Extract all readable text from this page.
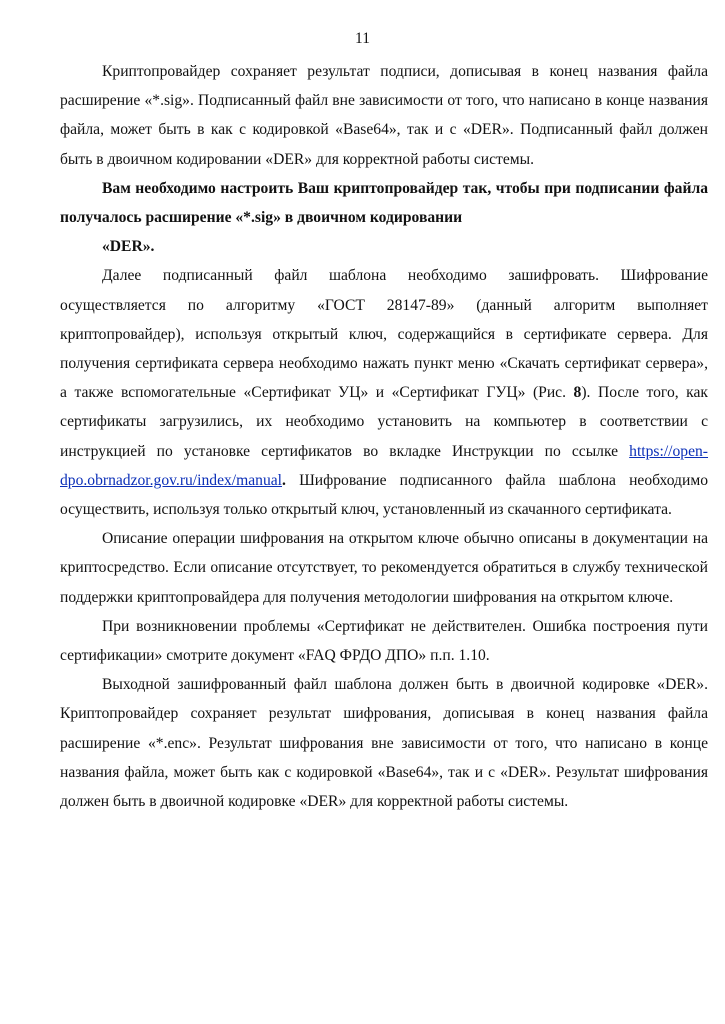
11

Криптопровайдер сохраняет результат подписи, дописывая в конец названия файла расширение «*.sig». Подписанный файл вне зависимости от того, что написано в конце названия файла, может быть в как с кодировкой «Base64», так и с «DER». Подписанный файл должен быть в двоичном кодировании «DER» для корректной работы системы.

Вам необходимо настроить Ваш криптопровайдер так, чтобы при подписании файла получалось расширение «*.sig» в двоичном кодировании

«DER».

Далее подписанный файл шаблона необходимо зашифровать. Шифрование осуществляется по алгоритму «ГОСТ 28147-89» (данный алгоритм выполняет криптопровайдер), используя открытый ключ, содержащийся в сертификате сервера. Для получения сертификата сервера необходимо нажать пункт меню «Скачать сертификат сервера», а также вспомогательные «Сертификат УЦ» и «Сертификат ГУЦ» (Рис. 8). После того, как сертификаты загрузились, их необходимо установить на компьютер в соответствии с инструкцией по установке сертификатов во вкладке Инструкции по ссылке https://open-dpo.obrnadzor.gov.ru/index/manual. Шифрование подписанного файла шаблона необходимо осуществить, используя только открытый ключ, установленный из скачанного сертификата.

Описание операции шифрования на открытом ключе обычно описаны в документации на криптосредство. Если описание отсутствует, то рекомендуется обратиться в службу технической поддержки криптопровайдера для получения методологии шифрования на открытом ключе.

При возникновении проблемы «Сертификат не действителен. Ошибка построения пути сертификации» смотрите документ «FAQ ФРДО ДПО» п.п. 1.10.

Выходной зашифрованный файл шаблона должен быть в двоичной кодировке «DER». Криптопровайдер сохраняет результат шифрования, дописывая в конец названия файла расширение «*.enc». Результат шифрования вне зависимости от того, что написано в конце названия файла, может быть как с кодировкой «Base64», так и с «DER». Результат шифрования должен быть в двоичной кодировке «DER» для корректной работы системы.
